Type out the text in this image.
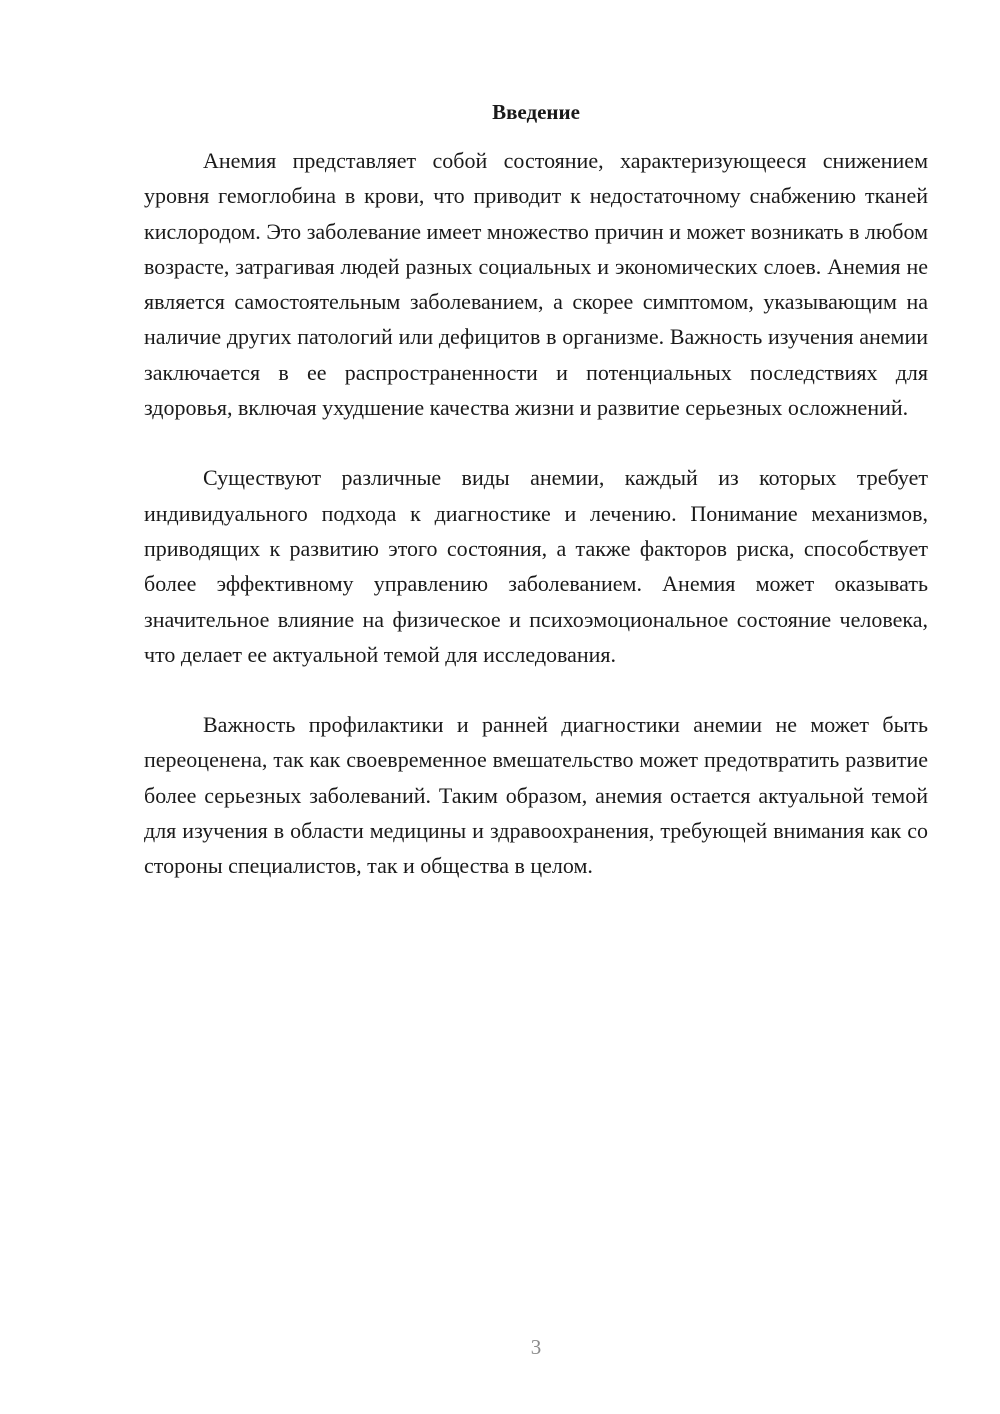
Введение

Анемия представляет собой состояние, характеризующееся снижением уровня гемоглобина в крови, что приводит к недостаточному снабжению тканей кислородом. Это заболевание имеет множество причин и может возникать в любом возрасте, затрагивая людей разных социальных и экономических слоев. Анемия не является самостоятельным заболеванием, а скорее симптомом, указывающим на наличие других патологий или дефицитов в организме. Важность изучения анемии заключается в ее распространенности и потенциальных последствиях для здоровья, включая ухудшение качества жизни и развитие серьезных осложнений.

Существуют различные виды анемии, каждый из которых требует индивидуального подхода к диагностике и лечению. Понимание механизмов, приводящих к развитию этого состояния, а также факторов риска, способствует более эффективному управлению заболеванием. Анемия может оказывать значительное влияние на физическое и психоэмоциональное состояние человека, что делает ее актуальной темой для исследования.

Важность профилактики и ранней диагностики анемии не может быть переоценена, так как своевременное вмешательство может предотвратить развитие более серьезных заболеваний. Таким образом, анемия остается актуальной темой для изучения в области медицины и здравоохранения, требующей внимания как со стороны специалистов, так и общества в целом.

3
